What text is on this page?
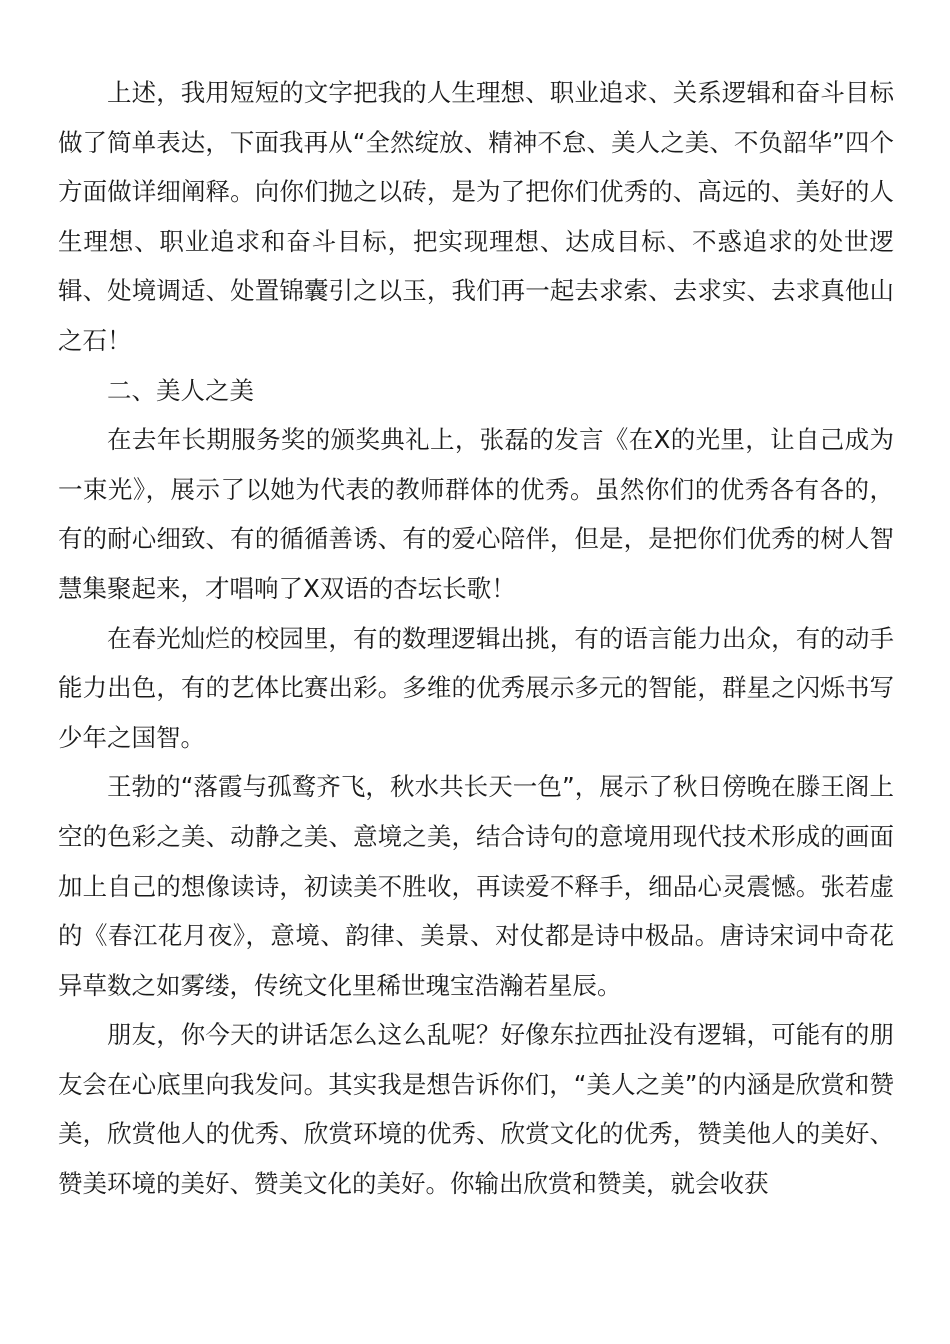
上述，我用短短的文字把我的人生理想、职业追求、关系逻辑和奋斗目标做了简单表达，下面我再从“全然绽放、精神不怠、美人之美、不负韶华”四个方面做详细阐释。向你们抛之以砖，是为了把你们优秀的、高远的、美好的人生理想、职业追求和奋斗目标，把实现理想、达成目标、不惑追求的处世逻辑、处境调适、处置锦囊引之以玉，我们再一起去求索、去求实、去求真他山之石！

二、美人之美

在去年长期服务奖的颁奖典礼上，张磊的发言《在X的光里，让自己成为一束光》，展示了以她为代表的教师群体的优秀。虽然你们的优秀各有各的，有的耐心细致、有的循循善诱、有的爱心陪伴，但是，是把你们优秀的树人智慧集聚起来，才唱响了X双语的杏坛长歌！

在春光灿烂的校园里，有的数理逻辑出挑，有的语言能力出众，有的动手能力出色，有的艺体比赛出彩。多维的优秀展示多元的智能，群星之闪烁书写少年之国智。

王勃的“落霞与孤鹜齐飞，秋水共长天一色”，展示了秋日傍晚在滕王阁上空的色彩之美、动静之美、意境之美，结合诗句的意境用现代技术形成的画面加上自己的想像读诗，初读美不胜收，再读爱不释手，细品心灵震憾。张若虚的《春江花月夜》，意境、韵律、美景、对仗都是诗中极品。唐诗宋词中奇花异草数之如雾缕，传统文化里稀世瑰宝浩瀚若星辰。

朋友，你今天的讲话怎么这么乱呢？好像东拉西扯没有逻辑，可能有的朋友会在心底里向我发问。其实我是想告诉你们，“美人之美”的内涵是欣赏和赞美，欣赏他人的优秀、欣赏环境的优秀、欣赏文化的优秀，赞美他人的美好、赞美环境的美好、赞美文化的美好。你输出欣赏和赞美，就会收获
